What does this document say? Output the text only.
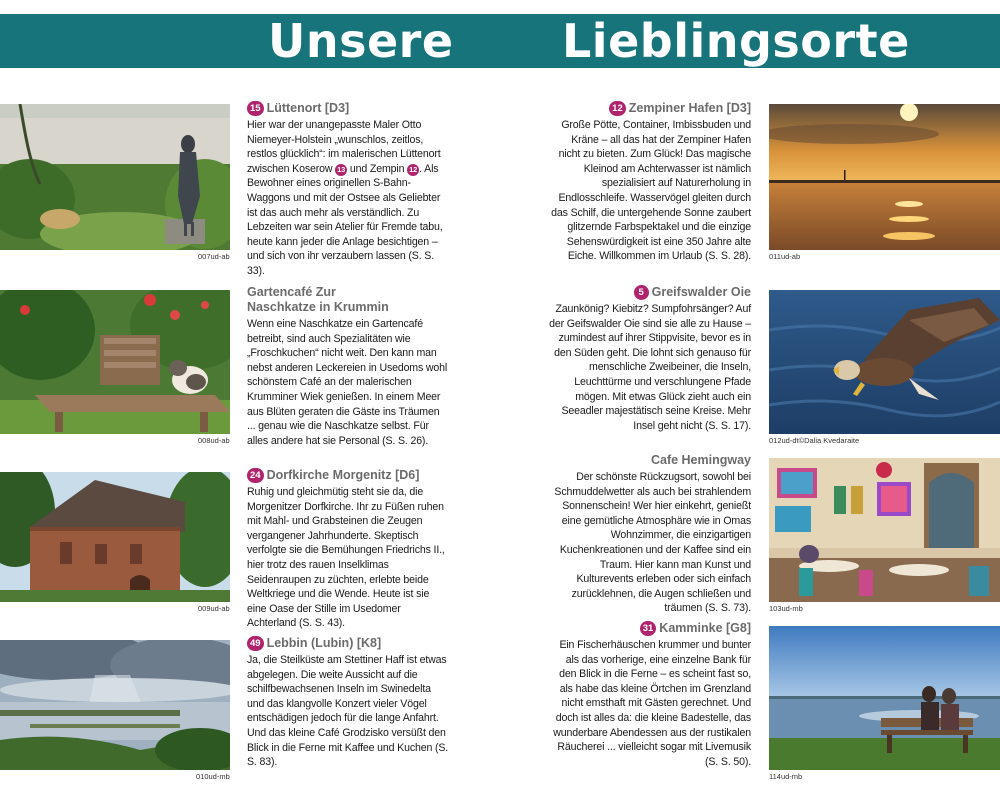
Unsere Lieblingsorte
007ud-ab
008ud-ab
009ud-ab
010ud-mb
15 Lüttenort [D3]
Hier war der unangepasste Maler Otto Niemeyer-Holstein „wunschlos, zeitlos, restlos glücklich“: im malerischen Lüttenort zwischen Koserow 13 und Zempin 12 . Als Bewohner eines originellen S-Bahn-Waggons und mit der Ostsee als Geliebter ist das auch mehr als verständlich. Zu Lebzeiten war sein Atelier für Fremde tabu, heute kann jeder die Anlage besichtigen – und sich von ihr verzaubern lassen (S. S. 33).
Gartencafé Zur Naschkatze in Krummin
Wenn eine Naschkatze ein Gartencafé betreibt, sind auch Spezialitäten wie „Froschkuchen“ nicht weit. Den kann man nebst anderen Leckereien in Usedoms wohl schönstem Café an der malerischen Krumminer Wiek genießen. In einem Meer aus Blüten geraten die Gäste ins Träumen ... genau wie die Naschkatze selbst. Für alles andere hat sie Personal (S. S. 26).
24 Dorfkirche Morgenitz [D6]
Ruhig und gleichmütig steht sie da, die Morgenitzer Dorfkirche. Ihr zu Füßen ruhen mit Mahl- und Grabsteinen die Zeugen vergangener Jahrhunderte. Skeptisch verfolgte sie die Bemühungen Friedrichs II., hier trotz des rauen Inselklimas Seidenraupen zu züchten, erlebte beide Weltkriege und die Wende. Heute ist sie eine Oase der Stille im Usedomer Achterland (S. S. 43).
49 Lebbin (Lubin) [K8]
Ja, die Steilküste am Stettiner Haff ist etwas abgelegen. Die weite Aussicht auf die schilfbewachsenen Inseln im Swinedelta und das klangvolle Konzert vieler Vögel entschädigen jedoch für die lange Anfahrt. Und das kleine Café Grodzisko versüßt den Blick in die Ferne mit Kaffee und Kuchen (S. S. 83).
12 Zempiner Hafen [D3]
Große Pötte, Container, Imbissbuden und Kräne – all das hat der Zempiner Hafen nicht zu bieten. Zum Glück! Das magische Kleinod am Achterwasser ist nämlich spezialisiert auf Naturerholung in Endlosschleife. Wasservögel gleiten durch das Schilf, die untergehende Sonne zaubert glitzernde Farbspektakel und die einzige Sehenswürdigkeit ist eine 350 Jahre alte Eiche. Willkommen im Urlaub (S. S. 28).
5 Greifswalder Oie
Zaunkönig? Kiebitz? Sumpfohrsänger? Auf der Geifswalder Oie sind sie alle zu Hause – zumindest auf ihrer Stippvisite, bevor es in den Süden geht. Die lohnt sich genauso für menschliche Zweibeiner, die Inseln, Leuchttürme und verschlungene Pfade mögen. Mit etwas Glück zieht auch ein Seeadler majestätisch seine Kreise. Mehr Insel geht nicht (S. S. 17).
Cafe Hemingway
Der schönste Rückzugsort, sowohl bei Schmuddelwetter als auch bei strahlendem Sonnenschein! Wer hier einkehrt, genießt eine gemütliche Atmosphäre wie in Omas Wohnzimmer, die einzigartigen Kuchenkreationen und der Kaffee sind ein Traum. Hier kann man Kunst und Kulturevents erleben oder sich einfach zurücklehnen, die Augen schließen und träumen (S. S. 73).
31 Kamminke [G8]
Ein Fischerhäuschen krummer und bunter als das vorherige, eine einzelne Bank für den Blick in die Ferne – es scheint fast so, als habe das kleine Örtchen im Grenzland nicht emsthaft mit Gästen gerechnet. Und doch ist alles da: die kleine Badestelle, das wunderbare Abendessen aus der rustikalen Räucherei ... vielleicht sogar mit Livemusik (S. S. 50).
011ud-ab
012ud-dt©Dalia Kvedaraite
103ud-mb
114ud-mb
